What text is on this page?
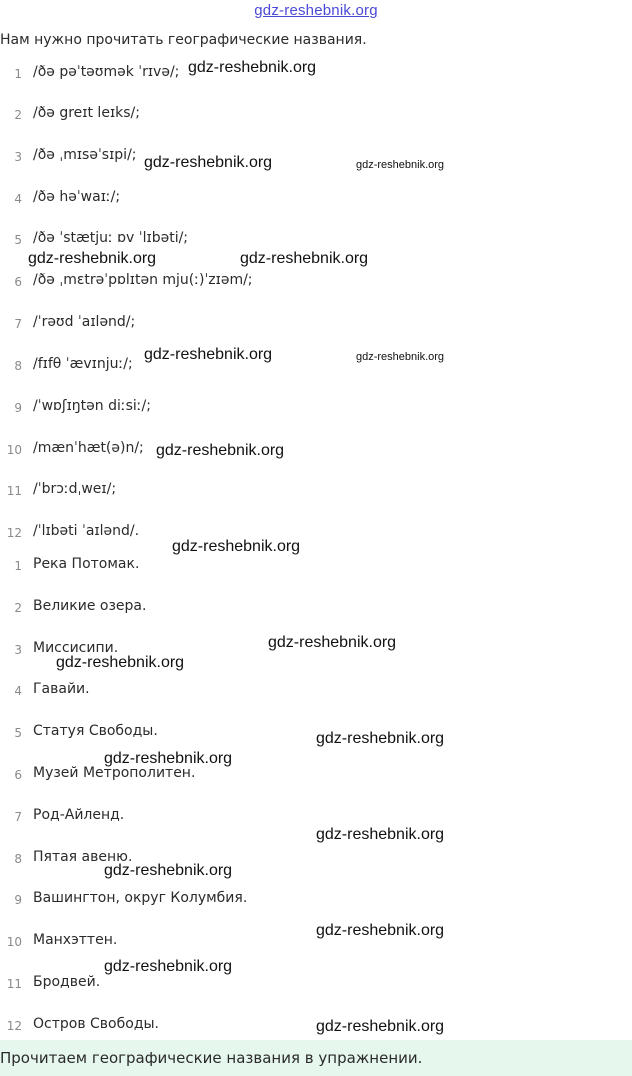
gdz-reshebnik.org
Нам нужно прочитать географические названия.
1 /ðə pəˈtəʊmək ˈrɪvə/;
2 /ðə greɪt leɪks/;
3 /ðə ˌmɪsəˈsɪpi/;
4 /ðə həˈwaɪː/;
5 /ðə ˈstætjuː ɒv ˈlɪbəti/;
6 /ðə ˌmɛtrəˈpɒlɪtən mju(ː)ˈzɪəm/;
7 /ˈrəʊd ˈaɪlənd/;
8 /fɪfθ ˈævɪnjuː/;
9 /ˈwɒʃɪŋtən diːsiː/;
10 /mænˈhæt(ə)n/;
11 /ˈbrɔːdˌweɪ/;
12 /ˈlɪbəti ˈaɪlənd/.
1 Река Потомак.
2 Великие озера.
3 Миссисипи.
4 Гавайи.
5 Статуя Свободы.
6 Музей Метрополитен.
7 Род-Айленд.
8 Пятая авеню.
9 Вашингтон, округ Колумбия.
10 Манхэттен.
11 Бродвей.
12 Остров Свободы.
gdz-reshebnik.org
gdz-reshebnik.org	gdz-reshebnik.org
gdz-reshebnik.org	gdz-reshebnik.org
gdz-reshebnik.org	gdz-reshebnik.org
gdz-reshebnik.org
gdz-reshebnik.org
gdz-reshebnik.org
gdz-reshebnik.org
gdz-reshebnik.org
gdz-reshebnik.org
gdz-reshebnik.org
gdz-reshebnik.org
gdz-reshebnik.org
gdz-reshebnik.org
gdz-reshebnik.org
Прочитаем географические названия в упражнении.
